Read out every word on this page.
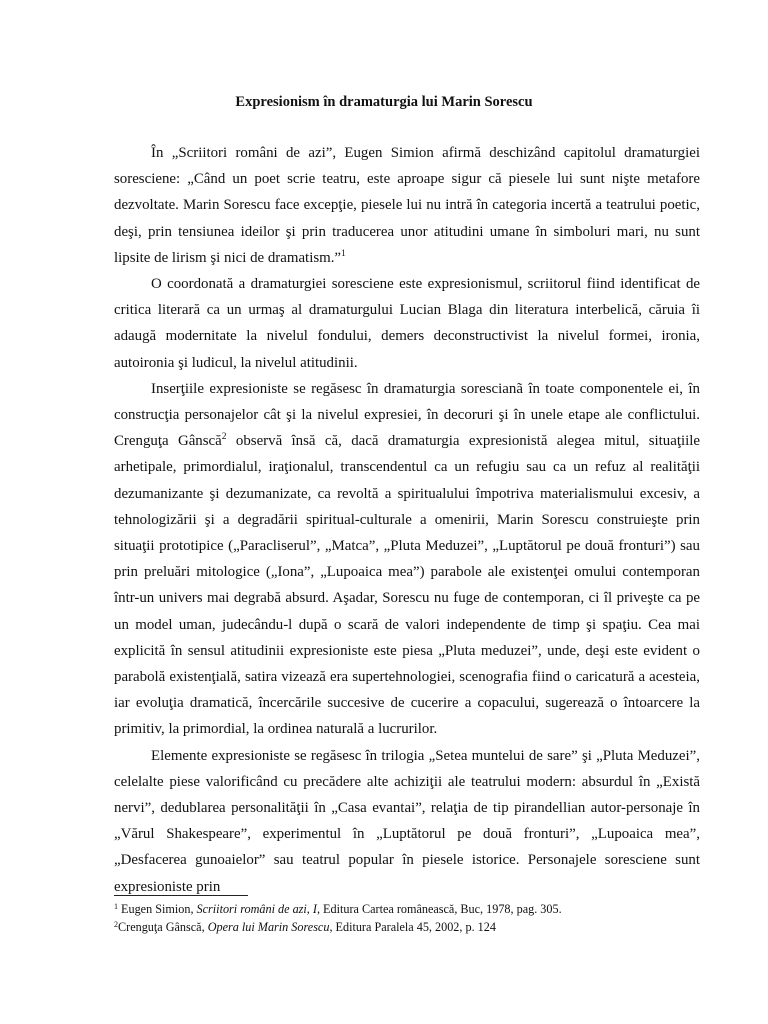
Expresionism în dramaturgia lui Marin Sorescu

În „Scriitori români de azi”, Eugen Simion afirmă deschizând capitolul dramaturgiei soresciene: „Când un poet scrie teatru, este aproape sigur că piesele lui sunt nişte metafore dezvoltate. Marin Sorescu face excepţie, piesele lui nu intră în categoria incertă a teatrului poetic, deşi, prin tensiunea ideilor şi prin traducerea unor atitudini umane în simboluri mari, nu sunt lipsite de lirism şi nici de dramatism.”$^1$

O coordonată a dramaturgiei soresciene este expresionismul, scriitorul fiind identificat de critica literară ca un urmaş al dramaturgului Lucian Blaga din literatura interbelică, căruia îi adaugă modernitate la nivelul fondului, demers deconstructivist la nivelul formei, ironia, autoironia şi ludicul, la nivelul atitudinii.

Inserţiile expresioniste se regăsesc în dramaturgia sorescianã în toate componentele ei, în construcţia personajelor cât şi la nivelul expresiei, în decoruri şi în unele etape ale conflictului. Crenguţa Gânscă$^2$ observă însă că, dacă dramaturgia expresionistă alegea mitul, situaţiile arhetipale, primordialul, iraţionalul, transcendentul ca un refugiu sau ca un refuz al realităţii dezumanizante şi dezumanizate, ca revoltă a spiritualului împotriva materialismului excesiv, a tehnologizării şi a degradării spiritual-culturale a omenirii, Marin Sorescu construieşte prin situaţii prototipice („Paracliserul”, „Matca”, „Pluta Meduzei”, „Luptătorul pe două fronturi”) sau prin preluări mitologice („Iona”, „Lupoaica mea”) parabole ale existenţei omului contemporan într-un univers mai degrabă absurd. Aşadar, Sorescu nu fuge de contemporan, ci îl priveşte ca pe un model uman, judecându-l după o scară de valori independente de timp şi spaţiu. Cea mai explicită în sensul atitudinii expresioniste este piesa „Pluta meduzei”, unde, deşi este evident o parabolă existenţială, satira vizează era supertehnologiei, scenografia fiind o caricatură a acesteia, iar evoluţia dramatică, încercările succesive de cucerire a copacului, sugerează o întoarcere la primitiv, la primordial, la ordinea naturală a lucrurilor.

Elemente expresioniste se regăsesc în trilogia „Setea muntelui de sare” şi „Pluta Meduzei”, celelalte piese valorificând cu precădere alte achiziţii ale teatrului modern: absurdul în „Există nervi”, dedublarea personalităţii în „Casa evantai”, relaţia de tip pirandellian autor-personaje în „Vărul Shakespeare”, experimentul în „Luptătorul pe două fronturi”, „Lupoaica mea”, „Desfacerea gunoaielor” sau teatrul popular în piesele istorice. Personajele soresciene sunt expresioniste prin

$^1$ Eugen Simion, Scriitori români de azi, I, Editura Cartea românească, Buc, 1978, pag. 305.
$^2$Crenguţa Gânscă, Opera lui Marin Sorescu, Editura Paralela 45, 2002, p. 124
